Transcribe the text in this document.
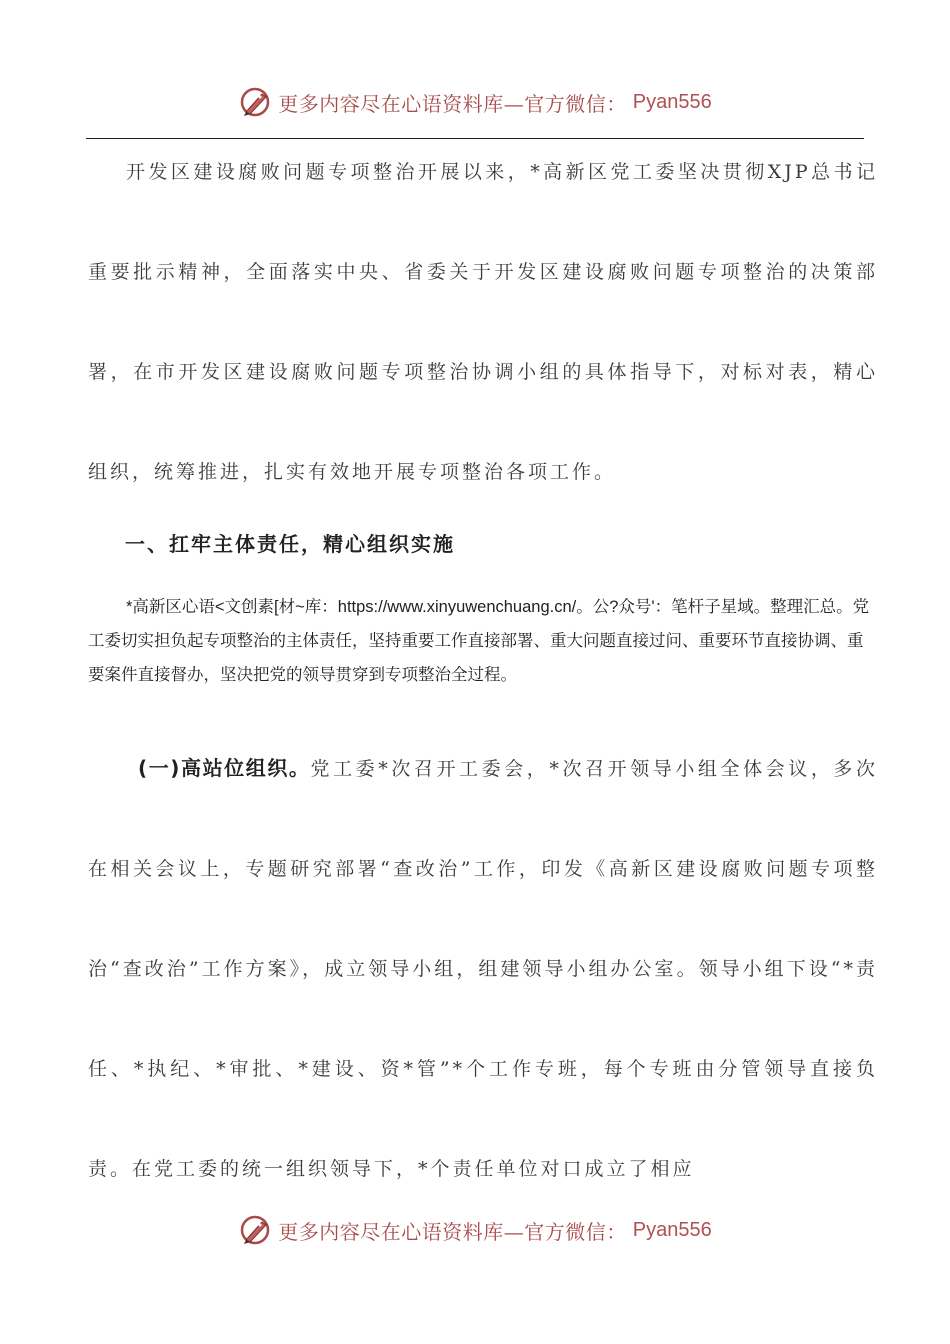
更多内容尽在心语资料库—官方微信： Pyan556

开发区建设腐败问题专项整治开展以来，*高新区党工委坚决贯彻XJP总书记重要批示精神，全面落实中央、省委关于开发区建设腐败问题专项整治的决策部署，在市开发区建设腐败问题专项整治协调小组的具体指导下，对标对表，精心组织，统筹推进，扎实有效地开展专项整治各项工作。

一、扛牢主体责任，精心组织实施

*高新区心语<文创素[材~库：https://www.xinyuwenchuang.cn/。公?众号'：笔杆子星域。整理汇总。党工委切实担负起专项整治的主体责任，坚持重要工作直接部署、重大问题直接过问、重要环节直接协调、重要案件直接督办，坚决把党的领导贯穿到专项整治全过程。

(一)高站位组织。党工委*次召开工委会，*次召开领导小组全体会议，多次在相关会议上，专题研究部署“查改治”工作，印发《高新区建设腐败问题专项整治“查改治”工作方案》，成立领导小组，组建领导小组办公室。领导小组下设“*责任、*执纪、*审批、*建设、资*管”*个工作专班，每个专班由分管领导直接负责。在党工委的统一组织领导下，*个责任单位对口成立了相应

更多内容尽在心语资料库—官方微信： Pyan556
